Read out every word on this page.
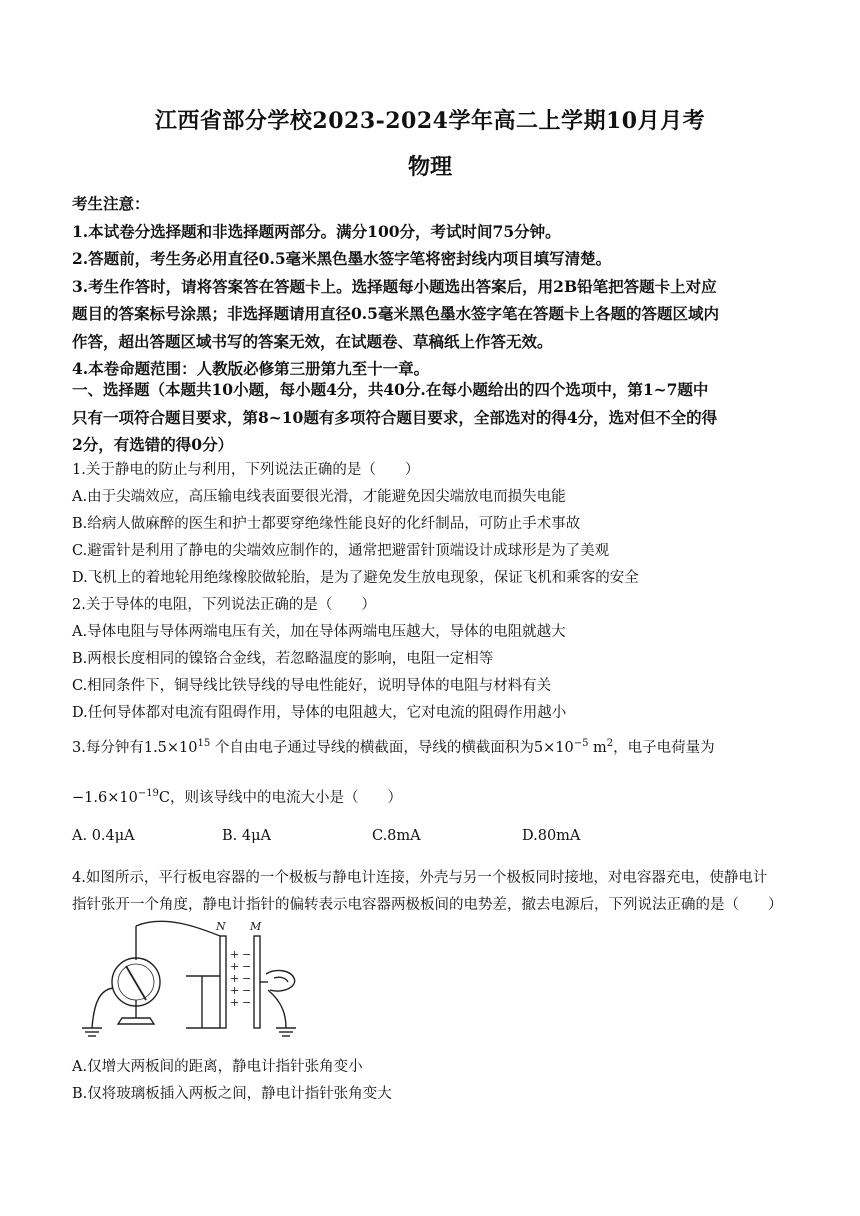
江西省部分学校2023-2024学年高二上学期10月月考
物理
考生注意：
1.本试卷分选择题和非选择题两部分。满分100分，考试时间75分钟。
2.答题前，考生务必用直径0.5毫米黑色墨水签字笔将密封线内项目填写清楚。
3.考生作答时，请将答案答在答题卡上。选择题每小题选出答案后，用2B铅笔把答题卡上对应
题目的答案标号涂黑；非选择题请用直径0.5毫米黑色墨水签字笔在答题卡上各题的答题区域内
作答，超出答题区域书写的答案无效，在试题卷、草稿纸上作答无效。
4.本卷命题范围：人教版必修第三册第九至十一章。
一、选择题（本题共10小题，每小题4分，共40分.在每小题给出的四个选项中，第1~7题中
只有一项符合题目要求，第8~10题有多项符合题目要求，全部选对的得4分，选对但不全的得
2分，有选错的得0分）
1.关于静电的防止与利用，下列说法正确的是（　　）
A.由于尖端效应，高压输电线表面要很光滑，才能避免因尖端放电而损失电能
B.给病人做麻醉的医生和护士都要穿绝缘性能良好的化纤制品，可防止手术事故
C.避雷针是利用了静电的尖端效应制作的，通常把避雷针顶端设计成球形是为了美观
D.飞机上的着地轮用绝缘橡胶做轮胎，是为了避免发生放电现象，保证飞机和乘客的安全
2.关于导体的电阻，下列说法正确的是（　　）
A.导体电阻与导体两端电压有关，加在导体两端电压越大，导体的电阻就越大
B.两根长度相同的镍铬合金线，若忽略温度的影响，电阻一定相等
C.相同条件下，铜导线比铁导线的导电性能好，说明导体的电阻与材料有关
D.任何导体都对电流有阻碍作用，导体的电阻越大，它对电流的阻碍作用越小
3.每分钟有$1.5\times 10^{15}$ 个自由电子通过导线的横截面，导线的横截面积为$5\times 10^{-5}$ $m^2$，电子电荷量为
$-1.6\times 10^{-19}C$，则该导线中的电流大小是（　　）
A. 0.4μA	B. 4μA	C.8mA	D.80mA
4.如图所示，平行板电容器的一个极板与静电计连接，外壳与另一个极板同时接地，对电容器充电，使静电计
指针张开一个角度，静电计指针的偏转表示电容器两极板间的电势差，撤去电源后，下列说法正确的是（　　）
N M
+
+
+
+
+
−
−
−
−
−
A.仅增大两板间的距离，静电计指针张角变小
B.仅将玻璃板插入两板之间，静电计指针张角变大
